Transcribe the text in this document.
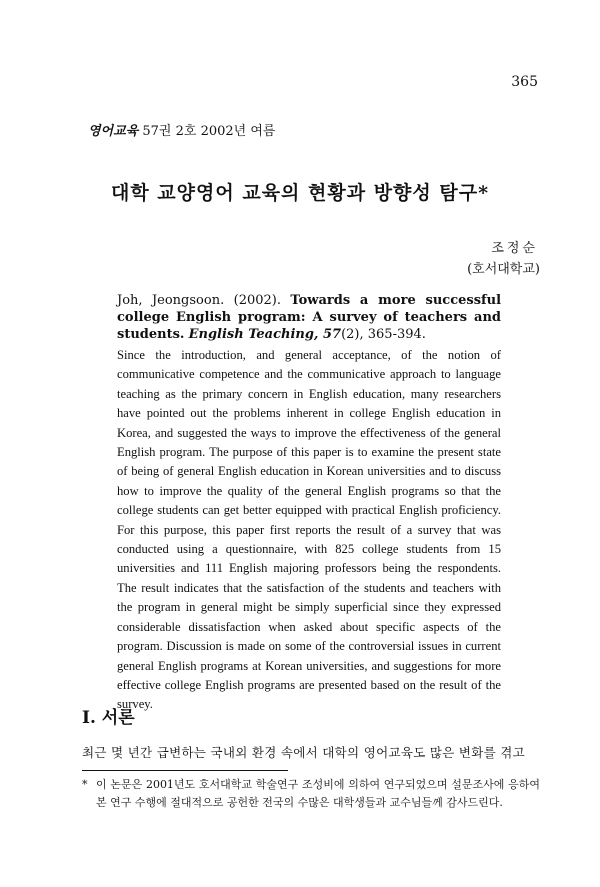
365
영어교육 57권 2호 2002년 여름
대학 교양영어 교육의 현황과 방향성 탐구*
조정순
(호서대학교)
Joh, Jeongsoon. (2002). Towards a more successful college English program: A survey of teachers and students. English Teaching, 57(2), 365-394.
Since the introduction, and general acceptance, of the notion of communicative competence and the communicative approach to language teaching as the primary concern in English education, many researchers have pointed out the problems inherent in college English education in Korea, and suggested the ways to improve the effectiveness of the general English program. The purpose of this paper is to examine the present state of being of general English education in Korean universities and to discuss how to improve the quality of the general English programs so that the college students can get better equipped with practical English proficiency. For this purpose, this paper first reports the result of a survey that was conducted using a questionnaire, with 825 college students from 15 universities and 111 English majoring professors being the respondents. The result indicates that the satisfaction of the students and teachers with the program in general might be simply superficial since they expressed considerable dissatisfaction when asked about specific aspects of the program. Discussion is made on some of the controversial issues in current general English programs at Korean universities, and suggestions for more effective college English programs are presented based on the result of the survey.
I. 서론
최근 몇 년간 급변하는 국내외 환경 속에서 대학의 영어교육도 많은 변화를 겪고
* 이 논문은 2001년도 호서대학교 학술연구 조성비에 의하여 연구되었으며 설문조사에 응하여 본 연구 수행에 절대적으로 공헌한 전국의 수많은 대학생들과 교수님들께 감사드린다.
